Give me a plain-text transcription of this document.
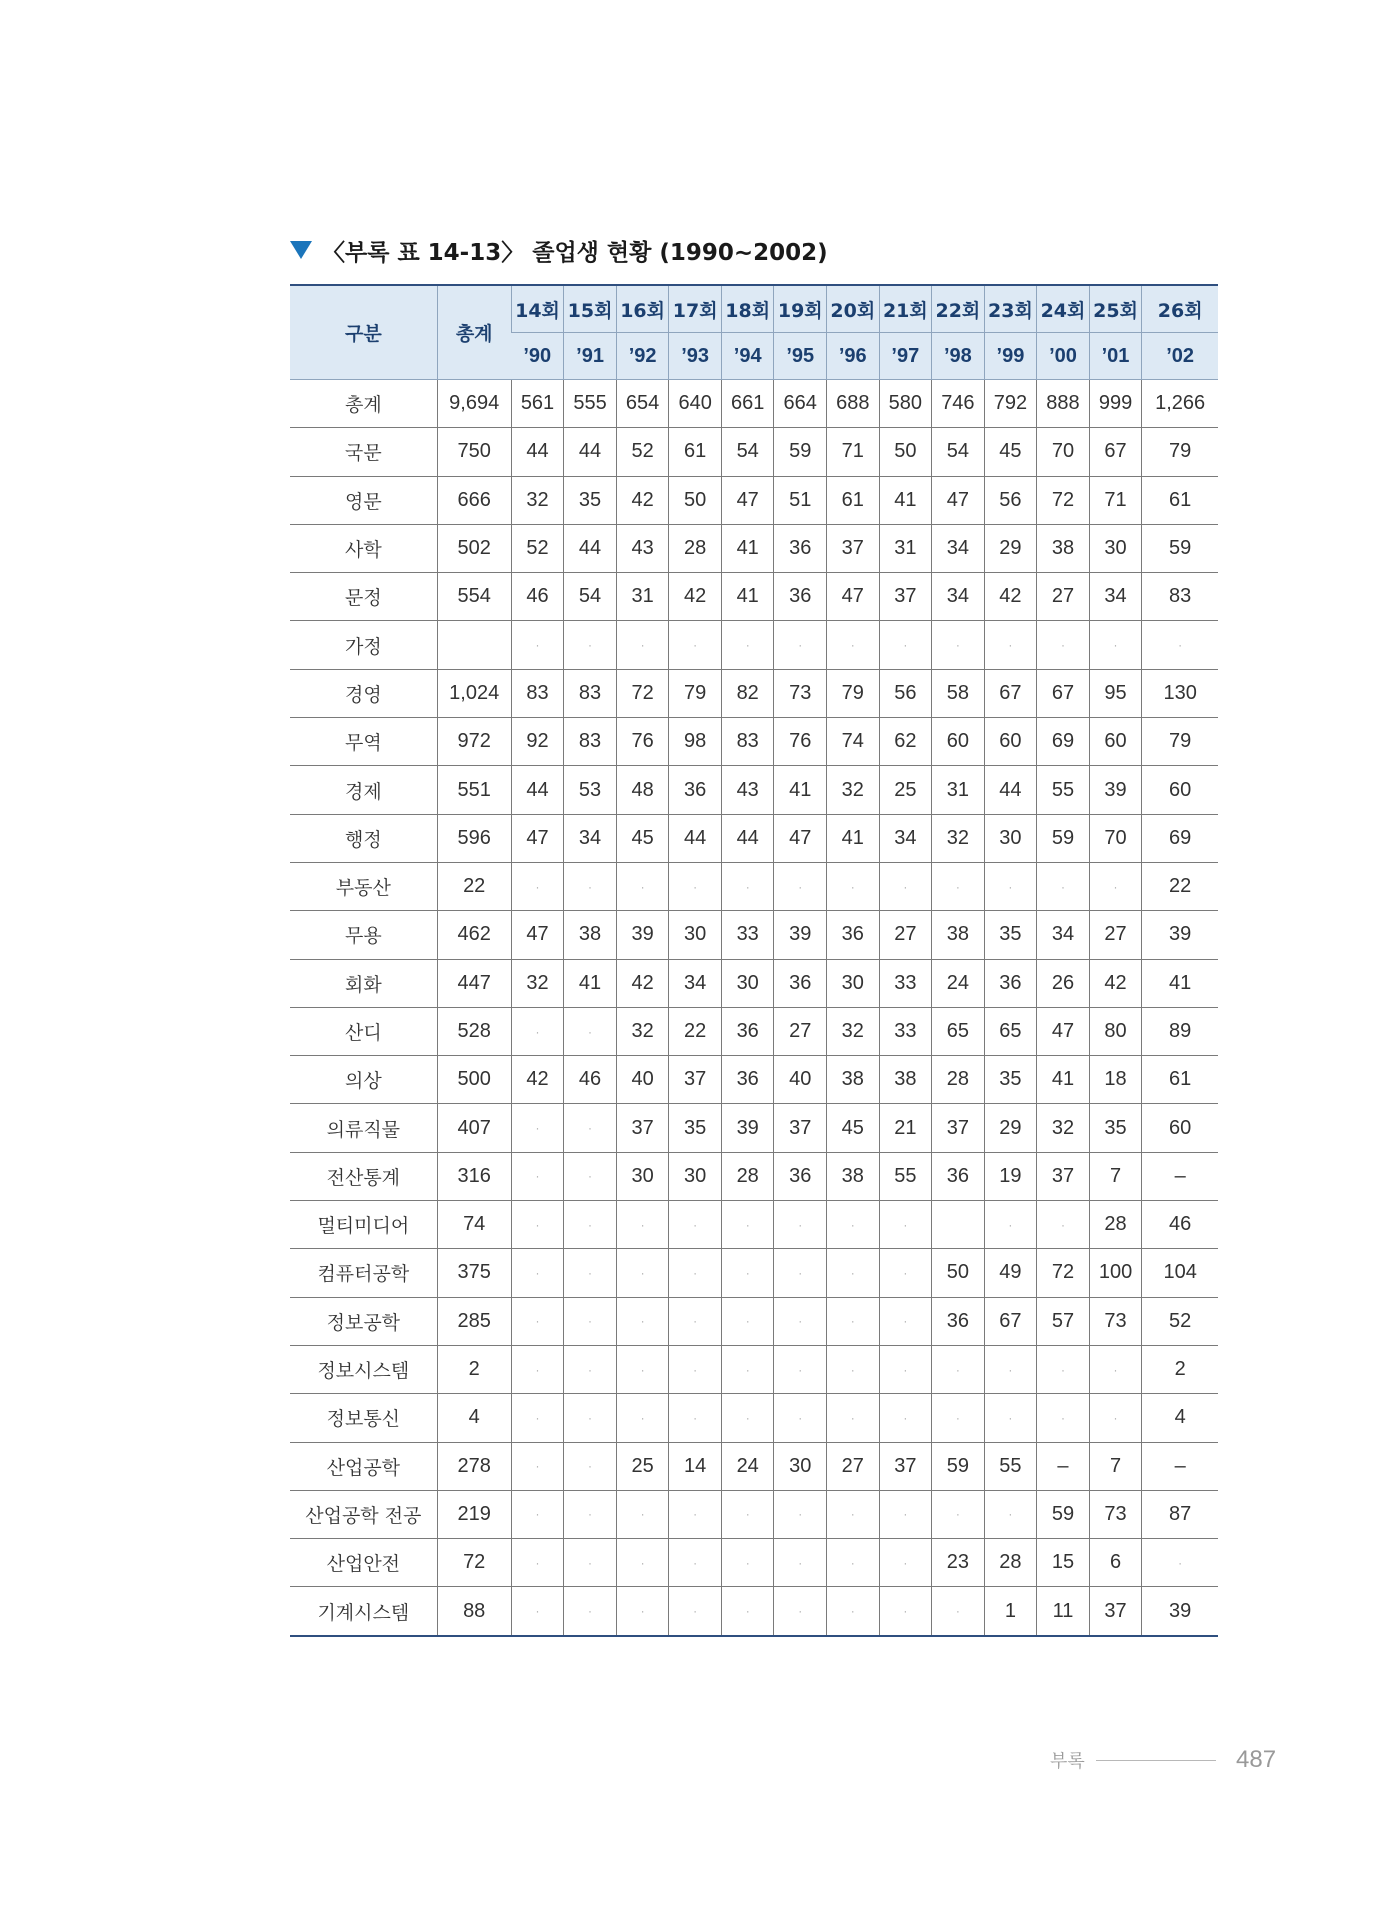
〈부록 표 14-13〉 졸업생 현황 (1990~2002)
구분	총계	14회	15회	16회	17회	18회	19회	20회	21회	22회	23회	24회	25회	26회
		’90	’91	’92	’93	’94	’95	’96	’97	’98	’99	’00	’01	’02
총계	9,694	561	555	654	640	661	664	688	580	746	792	888	999	1,266
국문	750	44	44	52	61	54	59	71	50	54	45	70	67	79
영문	666	32	35	42	50	47	51	61	41	47	56	72	71	61
사학	502	52	44	43	28	41	36	37	31	34	29	38	30	59
문정	554	46	54	31	42	41	36	47	37	34	42	27	34	83
가정		·	·	·	·	·	·	·	·	·	·	·	·	·
경영	1,024	83	83	72	79	82	73	79	56	58	67	67	95	130
무역	972	92	83	76	98	83	76	74	62	60	60	69	60	79
경제	551	44	53	48	36	43	41	32	25	31	44	55	39	60
행정	596	47	34	45	44	44	47	41	34	32	30	59	70	69
부동산	22	·	·	·	·	·	·	·	·	·	·	·	·	22
무용	462	47	38	39	30	33	39	36	27	38	35	34	27	39
회화	447	32	41	42	34	30	36	30	33	24	36	26	42	41
산디	528	·	·	32	22	36	27	32	33	65	65	47	80	89
의상	500	42	46	40	37	36	40	38	38	28	35	41	18	61
의류직물	407	·	·	37	35	39	37	45	21	37	29	32	35	60
전산통계	316	·	·	30	30	28	36	38	55	36	19	37	7	–
멀티미디어	74	·	·	·	·	·	·	·	·		·	·	28	46
컴퓨터공학	375	·	·	·	·	·	·	·	·	50	49	72	100	104
정보공학	285	·	·	·	·	·	·	·	·	36	67	57	73	52
정보시스템	2	·	·	·	·	·	·	·	·	·	·	·	·	2
정보통신	4	·	·	·	·	·	·	·	·	·	·	·	·	4
산업공학	278	·	·	25	14	24	30	27	37	59	55	–	7	–
산업공학 전공	219	·	·	·	·	·	·	·	·	·	·	59	73	87
산업안전	72	·	·	·	·	·	·	·	·	23	28	15	6	·
기계시스템	88	·	·	·	·	·	·	·	·	·	1	11	37	39
부록	487
